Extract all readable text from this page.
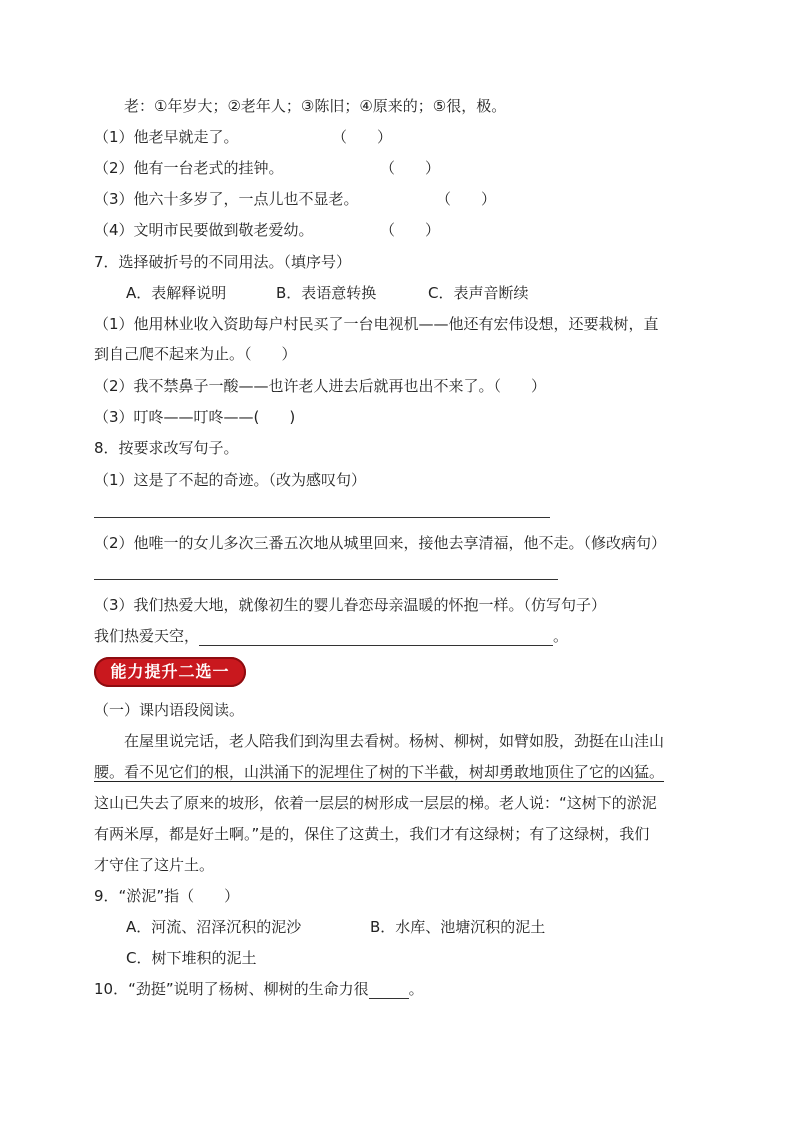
老：①年岁大；②老年人；③陈旧；④原来的；⑤很，极。
（1）他老早就走了。	（　　）
（2）他有一台老式的挂钟。	（　　）
（3）他六十多岁了，一点儿也不显老。	（　　）
（4）文明市民要做到敬老爱幼。	（　　）
7．选择破折号的不同用法。（填序号）
A．表解释说明	B．表语意转换	C．表声音断续
（1）他用林业收入资助每户村民买了一台电视机——他还有宏伟设想，还要栽树，直
到自己爬不起来为止。（　　）
（2）我不禁鼻子一酸——也许老人进去后就再也出不来了。（　　）
（3）叮咚——叮咚——(　　)
8．按要求改写句子。
（1）这是了不起的奇迹。（改为感叹句）
（2）他唯一的女儿多次三番五次地从城里回来，接他去享清福，他不走。（修改病句）
（3）我们热爱大地，就像初生的婴儿眷恋母亲温暖的怀抱一样。（仿写句子）
我们热爱天空，	。
能力提升二选一
（一）课内语段阅读。
在屋里说完话，老人陪我们到沟里去看树。杨树、柳树，如臂如股，劲挺在山洼山
腰。看不见它们的根，山洪涌下的泥埋住了树的下半截，树却勇敢地顶住了它的凶猛。
这山已失去了原来的坡形，依着一层层的树形成一层层的梯。老人说：“这树下的淤泥
有两米厚，都是好土啊。”是的，保住了这黄土，我们才有这绿树；有了这绿树，我们
才守住了这片土。
9．“淤泥”指（　　）
A．河流、沼泽沉积的泥沙	B．水库、池塘沉积的泥土
C．树下堆积的泥土
10．“劲挺”说明了杨树、柳树的生命力很	。
